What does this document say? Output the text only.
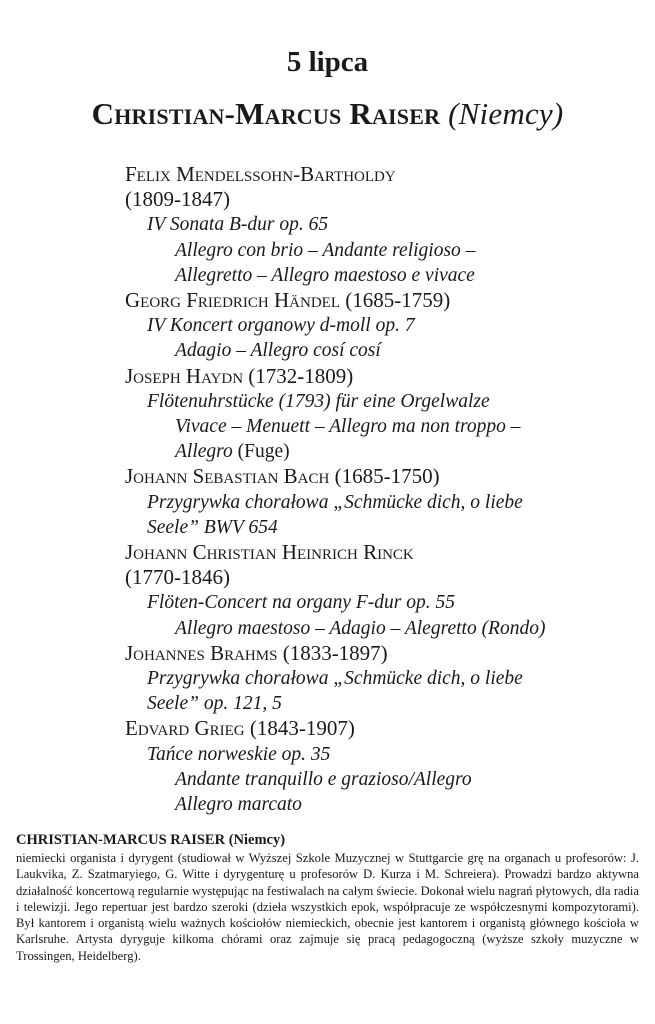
5 lipca
Christian-Marcus Raiser (Niemcy)
Felix Mendelssohn-Bartholdy
(1809-1847)
IV Sonata B-dur op. 65
Allegro con brio – Andante religioso –
Allegretto – Allegro maestoso e vivace
Georg Friedrich Händel (1685-1759)
IV Koncert organowy d-moll op. 7
Adagio – Allegro cosí cosí
Joseph Haydn (1732-1809)
Flötenuhrstücke (1793) für eine Orgelwalze
Vivace – Menuett – Allegro ma non troppo –
Allegro (Fuge)
Johann Sebastian Bach (1685-1750)
Przygrywka chorałowa „Schmücke dich, o liebe
Seele” BWV 654
Johann Christian Heinrich Rinck
(1770-1846)
Flöten-Concert na organy F-dur op. 55
Allegro maestoso – Adagio – Alegretto (Rondo)
Johannes Brahms (1833-1897)
Przygrywka chorałowa „Schmücke dich, o liebe
Seele” op. 121, 5
Edvard Grieg (1843-1907)
Tańce norweskie op. 35
Andante tranquillo e grazioso/Allegro
Allegro marcato
CHRISTIAN-MARCUS RAISER (Niemcy)

niemiecki organista i dyrygent (studiował w Wyższej Szkole Muzycznej w Stuttgarcie grę na organach u profesorów: J. Laukvika, Z. Szatmaryiego, G. Witte i dyrygenturę u profesorów D. Kurza i M. Schreiera). Prowadzi bardzo aktywna działalność koncertową regularnie występując na festiwalach na całym świecie. Dokonał wielu nagrań płytowych, dla radia i telewizji. Jego repertuar jest bardzo szeroki (dzieła wszystkich epok, współpracuje ze współczesnymi kompozytorami). Był kantorem i organistą wielu ważnych kościołów niemieckich, obecnie jest kantorem i organistą głównego kościoła w Karlsruhe. Artysta dyryguje kilkoma chórami oraz zajmuje się pracą pedagogoczną (wyższe szkoły muzyczne w Trossingen, Heidelberg).
